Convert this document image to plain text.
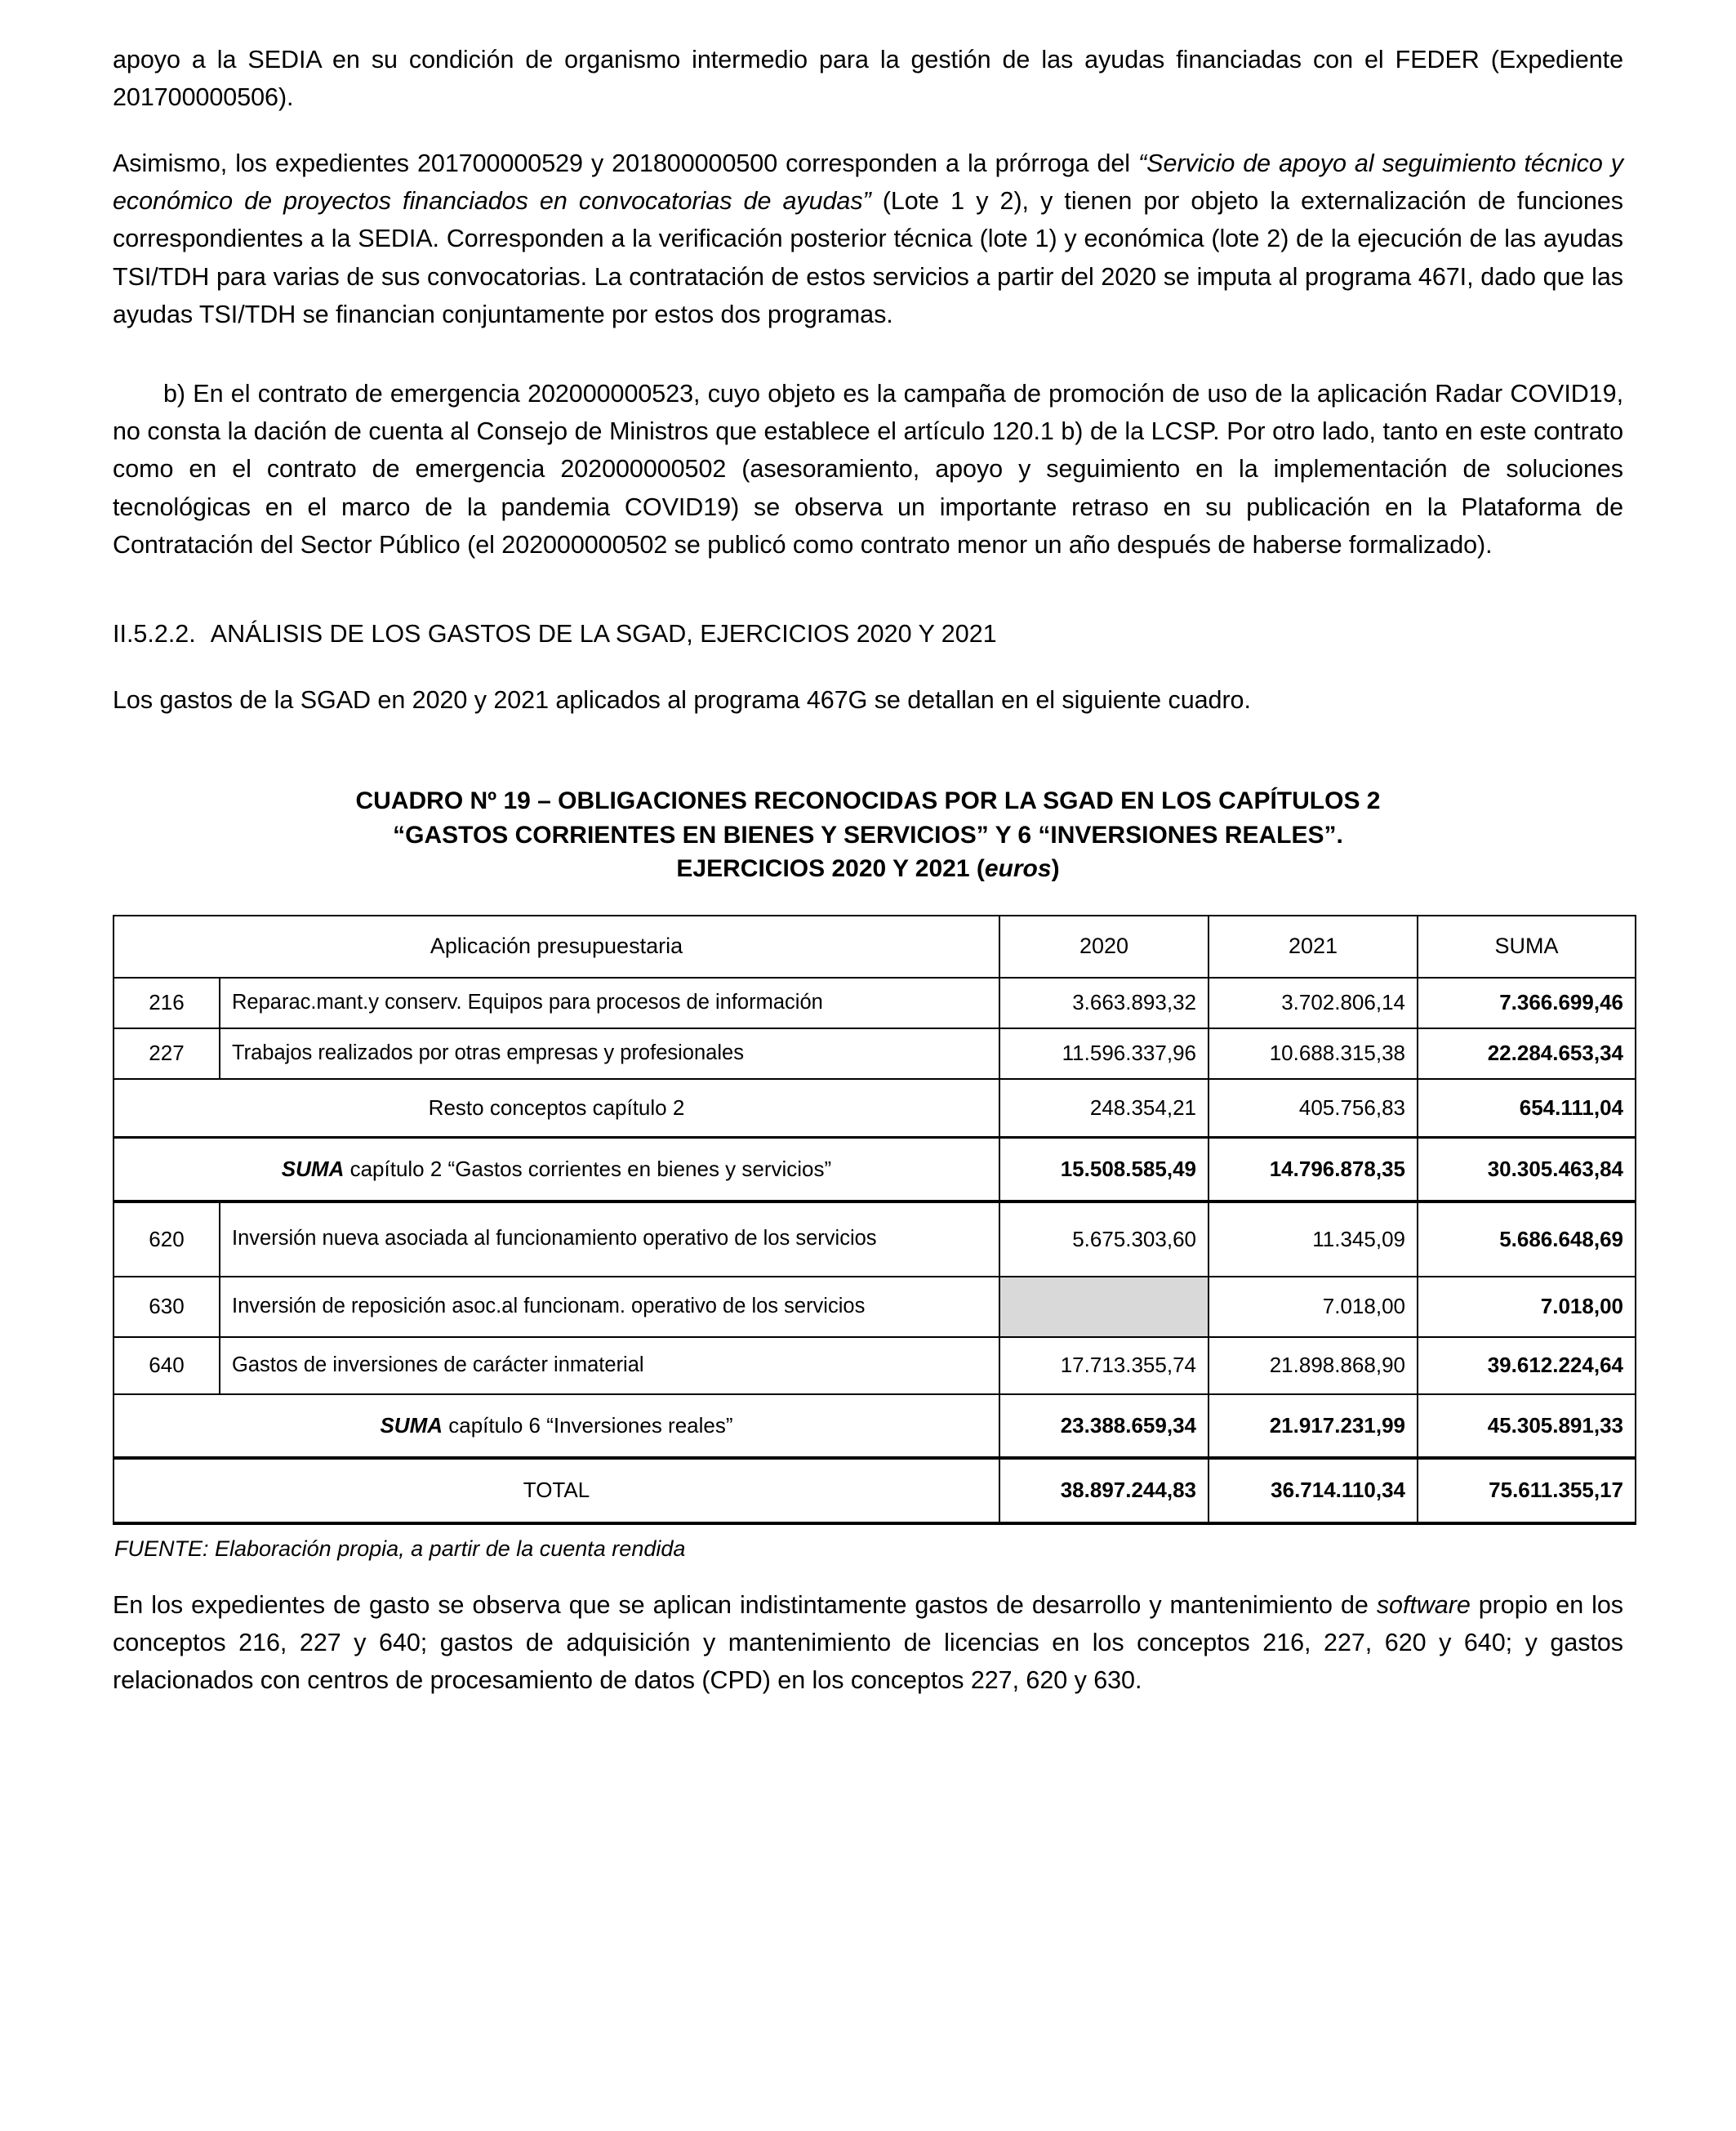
apoyo a la SEDIA en su condición de organismo intermedio para la gestión de las ayudas financiadas con el FEDER (Expediente 201700000506).

Asimismo, los expedientes 201700000529 y 201800000500 corresponden a la prórroga del “Servicio de apoyo al seguimiento técnico y económico de proyectos financiados en convocatorias de ayudas” (Lote 1 y 2), y tienen por objeto la externalización de funciones correspondientes a la SEDIA. Corresponden a la verificación posterior técnica (lote 1) y económica (lote 2) de la ejecución de las ayudas TSI/TDH para varias de sus convocatorias. La contratación de estos servicios a partir del 2020 se imputa al programa 467I, dado que las ayudas TSI/TDH se financian conjuntamente por estos dos programas.

b) En el contrato de emergencia 202000000523, cuyo objeto es la campaña de promoción de uso de la aplicación Radar COVID19, no consta la dación de cuenta al Consejo de Ministros que establece el artículo 120.1 b) de la LCSP. Por otro lado, tanto en este contrato como en el contrato de emergencia 202000000502 (asesoramiento, apoyo y seguimiento en la implementación de soluciones tecnológicas en el marco de la pandemia COVID19) se observa un importante retraso en su publicación en la Plataforma de Contratación del Sector Público (el 202000000502 se publicó como contrato menor un año después de haberse formalizado).

II.5.2.2. ANÁLISIS DE LOS GASTOS DE LA SGAD, EJERCICIOS 2020 Y 2021

Los gastos de la SGAD en 2020 y 2021 aplicados al programa 467G se detallan en el siguiente cuadro.

CUADRO Nº 19 – OBLIGACIONES RECONOCIDAS POR LA SGAD EN LOS CAPÍTULOS 2
“GASTOS CORRIENTES EN BIENES Y SERVICIOS” Y 6 “INVERSIONES REALES”.
EJERCICIOS 2020 Y 2021 (euros)
Aplicación presupuestaria		2020	2021	SUMA
216	Reparac.mant.y conserv. Equipos para procesos de información	3.663.893,32	3.702.806,14	7.366.699,46
227	Trabajos realizados por otras empresas y profesionales	11.596.337,96	10.688.315,38	22.284.653,34
Resto conceptos capítulo 2		248.354,21	405.756,83	654.111,04
SUMA capítulo 2 “Gastos corrientes en bienes y servicios”		15.508.585,49	14.796.878,35	30.305.463,84
620	Inversión nueva asociada al funcionamiento operativo de los servicios	5.675.303,60	11.345,09	5.686.648,69
630	Inversión de reposición asoc.al funcionam. operativo de los servicios		7.018,00	7.018,00
640	Gastos de inversiones de carácter inmaterial	17.713.355,74	21.898.868,90	39.612.224,64
SUMA capítulo 6 “Inversiones reales”		23.388.659,34	21.917.231,99	45.305.891,33
TOTAL		38.897.244,83	36.714.110,34	75.611.355,17

FUENTE: Elaboración propia, a partir de la cuenta rendida

En los expedientes de gasto se observa que se aplican indistintamente gastos de desarrollo y mantenimiento de software propio en los conceptos 216, 227 y 640; gastos de adquisición y mantenimiento de licencias en los conceptos 216, 227, 620 y 640; y gastos relacionados con centros de procesamiento de datos (CPD) en los conceptos 227, 620 y 630.
